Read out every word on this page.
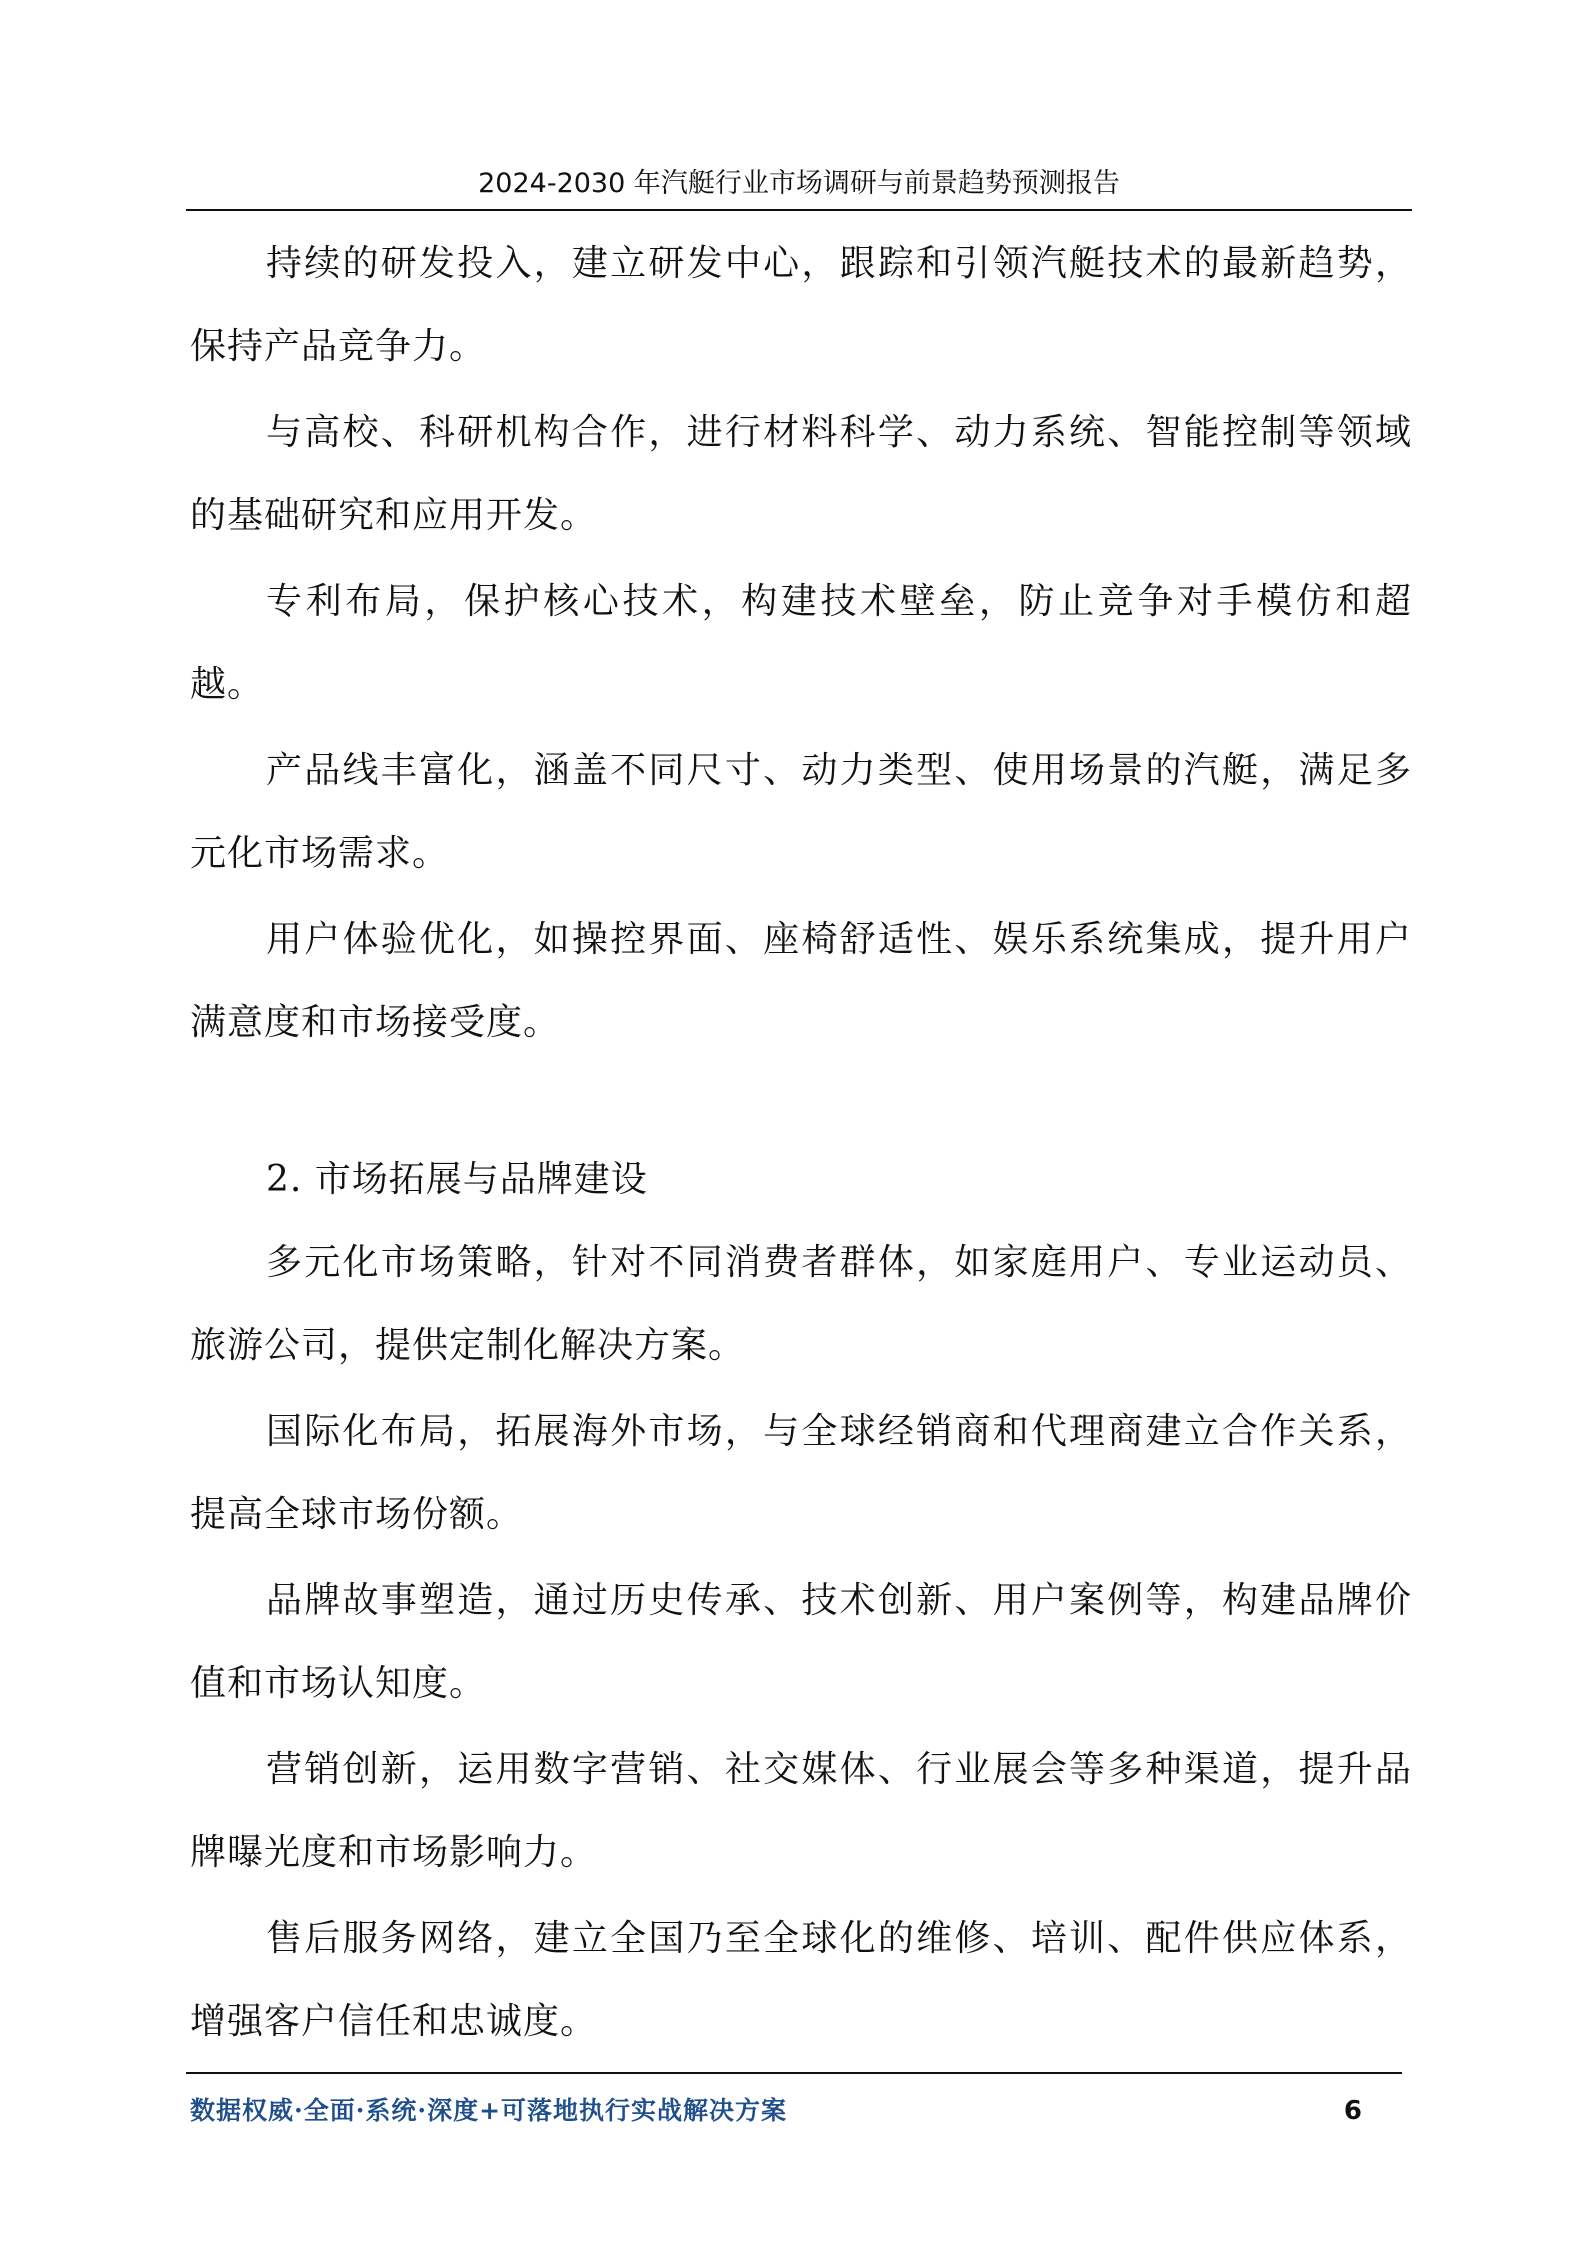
2024-2030 年汽艇行业市场调研与前景趋势预测报告

持续的研发投入，建立研发中心，跟踪和引领汽艇技术的最新趋势，保持产品竞争力。

与高校、科研机构合作，进行材料科学、动力系统、智能控制等领域的基础研究和应用开发。

专利布局，保护核心技术，构建技术壁垒，防止竞争对手模仿和超越。

产品线丰富化，涵盖不同尺寸、动力类型、使用场景的汽艇，满足多元化市场需求。

用户体验优化，如操控界面、座椅舒适性、娱乐系统集成，提升用户满意度和市场接受度。

2. 市场拓展与品牌建设

多元化市场策略，针对不同消费者群体，如家庭用户、专业运动员、旅游公司，提供定制化解决方案。

国际化布局，拓展海外市场，与全球经销商和代理商建立合作关系，提高全球市场份额。

品牌故事塑造，通过历史传承、技术创新、用户案例等，构建品牌价值和市场认知度。

营销创新，运用数字营销、社交媒体、行业展会等多种渠道，提升品牌曝光度和市场影响力。

售后服务网络，建立全国乃至全球化的维修、培训、配件供应体系，增强客户信任和忠诚度。

数据权威·全面·系统·深度+可落地执行实战解决方案	6
